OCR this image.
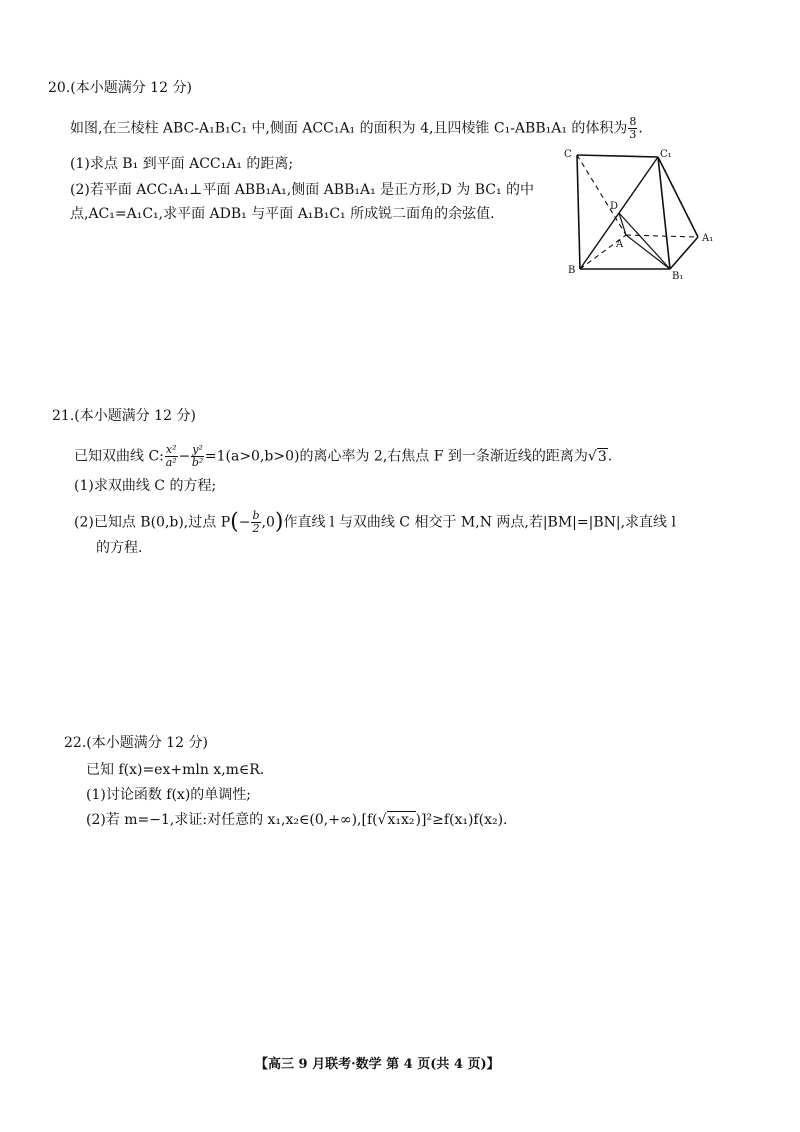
20.(本小题满分 12 分)
如图,在三棱柱 ABC-A₁B₁C₁ 中,侧面 ACC₁A₁ 的面积为 4,且四棱锥 C₁-ABB₁A₁ 的体积为 $\frac{8}{3}$ .
(1)求点 B₁ 到平面 ACC₁A₁ 的距离;
(2)若平面 ACC₁A₁⊥平面 ABB₁A₁,侧面 ABB₁A₁ 是正方形,D 为 BC₁ 的中
点,AC₁=A₁C₁,求平面 ADB₁ 与平面 A₁B₁C₁ 所成锐二面角的余弦值.
C	C₁
D
A
A₁
B
B₁
21.(本小题满分 12 分)
已知双曲线 C: $\frac{\text{x²}}{\text{a²}} - \frac{\text{y²}}{\text{b²}} =1(a>0,b>0)$的离心率为 2,右焦点 F 到一条渐近线的距离为√3.
(1)求双曲线 C 的方程;
(2)已知点 B(0,b),过点 $P(- \frac{b}{2} ,0)$作直线 l 与双曲线 C 相交于 M,N 两点,若|BM|=|BN|,求直线 l
的方程.
22.(本小题满分 12 分)
已知 f(x)=ex+mln x,m∈R.
(1)讨论函数 f(x)的单调性;
(2)若 m=−1,求证:对任意的 x₁,x₂∈(0,+∞),[f(√x₁x₂)]²≥f(x₁)f(x₂).
【高三 9 月联考·数学 第 4 页(共 4 页)】
